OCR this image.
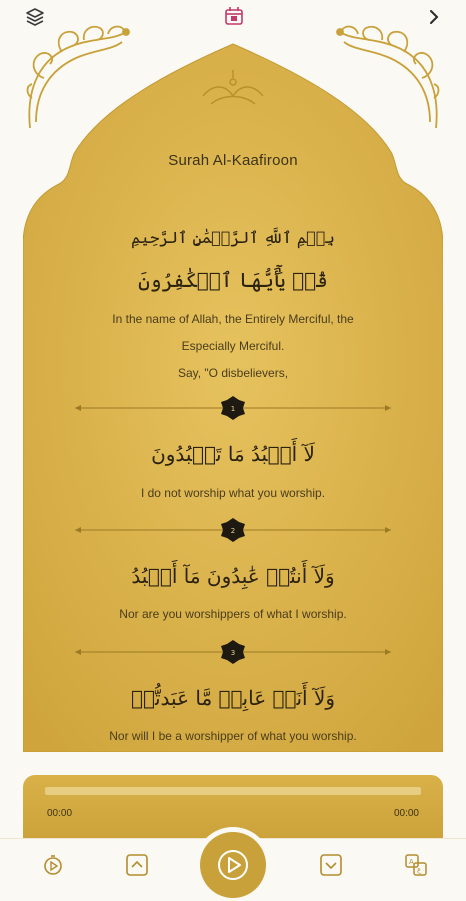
Surah Al-Kaafiroon
بِسۡمِ ٱللَّهِ ٱلرَّحۡمَٰنِ ٱلرَّحِيمِ
قُلۡ يَٰٓأَيُّهَا ٱلۡكَٰفِرُونَ
In the name of Allah, the Entirely Merciful, the
Especially Merciful.
Say, "O disbelievers,
1
لَآ أَعۡبُدُ مَا تَعۡبُدُونَ
I do not worship what you worship.
2
وَلَآ أَنتُمۡ عَٰبِدُونَ مَآ أَعۡبُدُ
Nor are you worshippers of what I worship.
3
وَلَآ أَنَا۠ عَابِدٞ مَّا عَبَدتُّمۡ
Nor will I be a worshipper of what you worship.
00:00	00:00
A
ع
